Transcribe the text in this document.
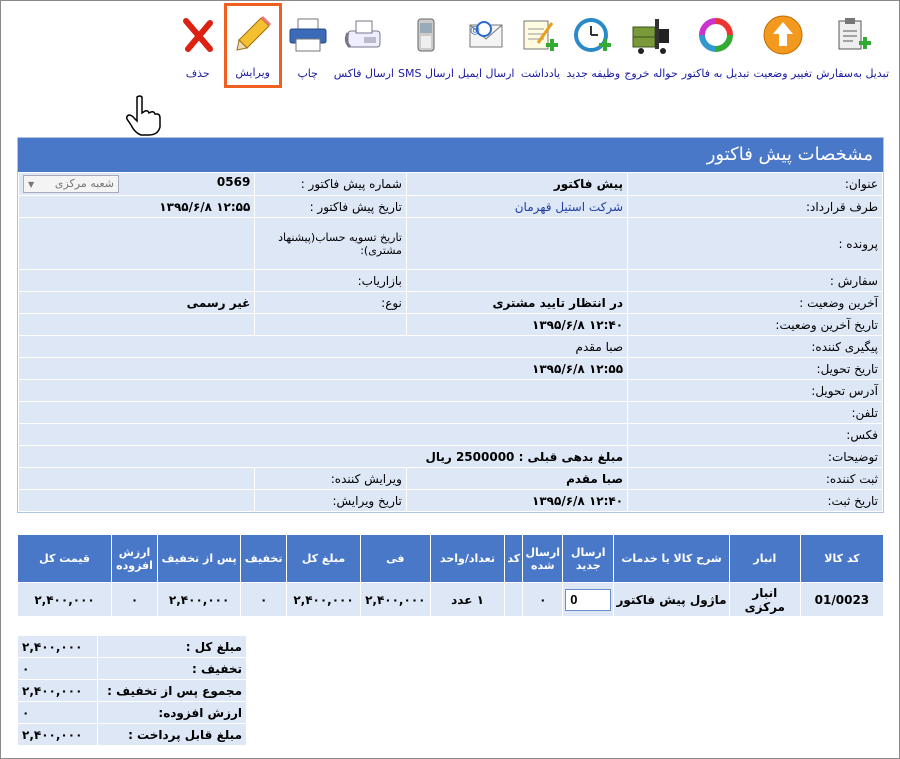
تبدیل به‌سفارش
تغییر وضعیت
تبدیل به فاکتور
حواله خروج
وظیفه جدید
یادداشت
@
ارسال ایمیل
ارسال SMS
ارسال فاکس
چاپ
ویرایش
حذف
مشخصات پیش فاکتور
عنوان:	پیش فاکتور	شماره پیش فاکتور :	0569
شعبه مرکزی
▼

طرف قرارداد:	شرکت استیل قهرمان	تاریخ پیش فاکتور :	۱۲:۵۵ ۱۳۹۵/۶/۸
پرونده :		تاریخ تسویه حساب(پیشنهاد مشتری):	
سفارش :		بازاریاب:	
آخرین وضعیت :	در انتظار تایید مشتری	نوع:	غیر رسمی
تاریخ آخرین وضعیت:	۱۲:۴۰ ۱۳۹۵/۶/۸		
پیگیری کننده:	صبا مقدم		
تاریخ تحویل:	۱۲:۵۵ ۱۳۹۵/۶/۸		
آدرس تحویل:			
تلفن:			
فکس:			
توضیحات:	مبلغ بدهی قبلی : 2500000 ریال		
ثبت کننده:	صبا مقدم	ویرایش کننده:	
تاریخ ثبت:	۱۲:۴۰ ۱۳۹۵/۶/۸	تاریخ ویرایش:	
کد کالا	انبار	شرح کالا یا خدمات	ارسال جدید	ارسال شده	کد	تعداد/واحد	فی	مبلغ کل	تخفیف	پس از تخفیف	ارزش افزوده	قیمت کل
01/0023	انبار مرکزی	ماژول پیش فاکتور	0	۰		۱ عدد	۲,۴۰۰,۰۰۰	۲,۴۰۰,۰۰۰	۰	۲,۴۰۰,۰۰۰	۰	۲,۴۰۰,۰۰۰
مبلغ کل :	۲,۴۰۰,۰۰۰
تخفیف :	۰
مجموع پس از تخفیف :	۲,۴۰۰,۰۰۰
ارزش افزوده:	۰
مبلغ قابل پرداخت :	۲,۴۰۰,۰۰۰
